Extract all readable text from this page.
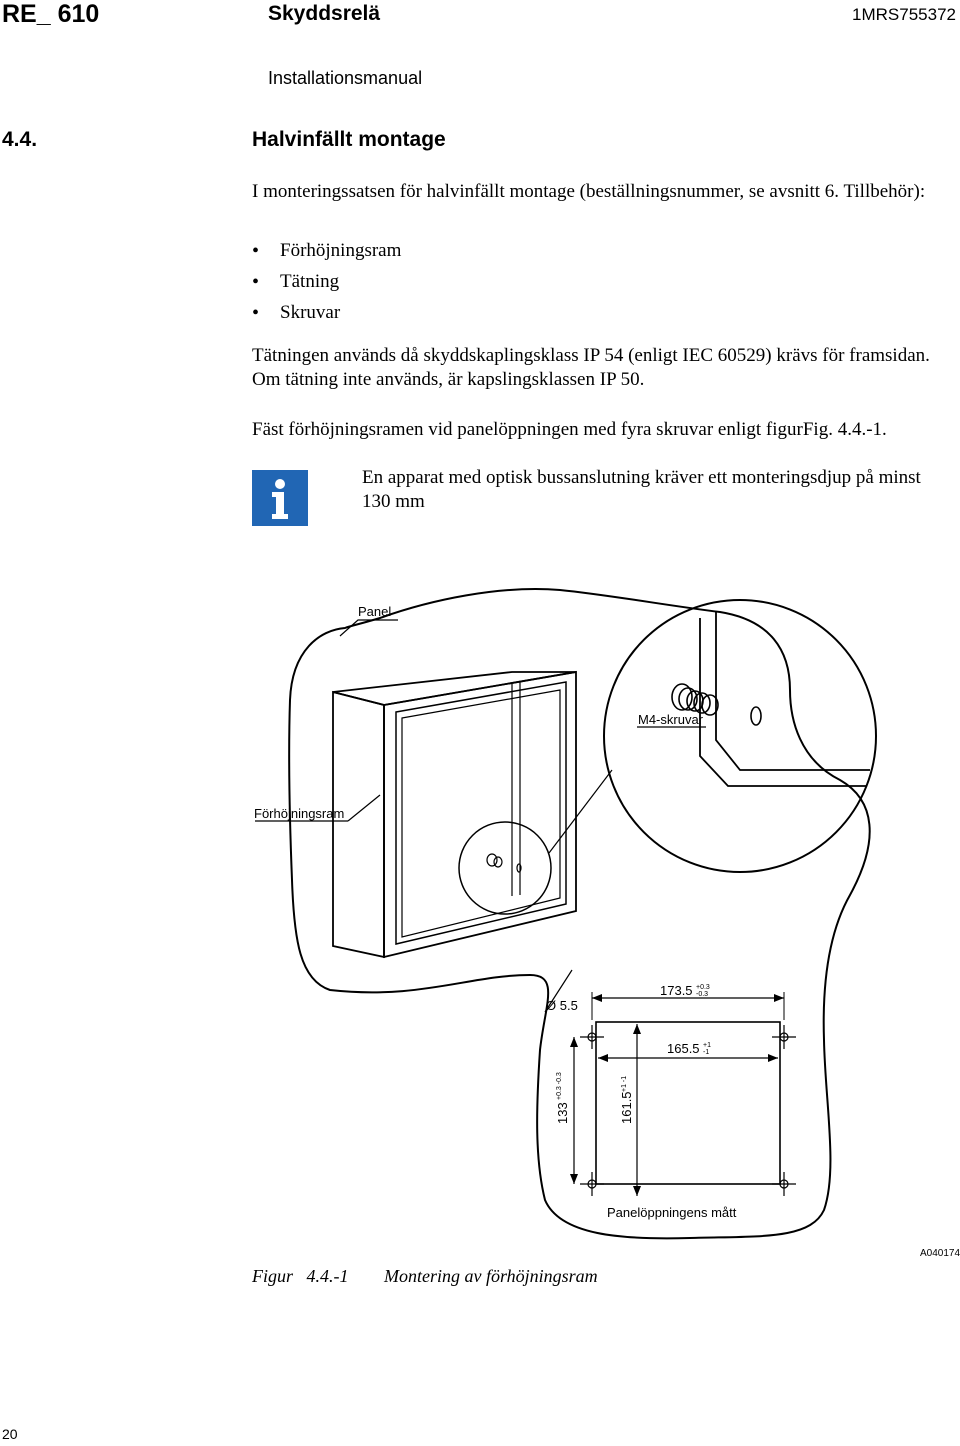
RE_ 610	Skyddsrelä	1MRS755372
Installationsmanual
4.4.	Halvinfällt montage
I monteringssatsen för halvinfällt montage (beställningsnummer, se avsnitt 6. Tillbehör):
• Förhöjningsram
• Tätning
• Skruvar
Tätningen används då skyddskaplingsklass IP 54 (enligt IEC 60529) krävs för framsidan. Om tätning inte används, är kapslingsklassen IP 50.
Fäst förhöjningsramen vid panelöppningen med fyra skruvar enligt figurFig. 4.4.-1.
En apparat med optisk bussanslutning kräver ett monteringsdjup på minst 130 mm
Panel
M4-skruvar
Förhöjningsram
Ø 5.5
173.5 +0.3
-0.3
165.5 +1
-1
133
+0.3 -0.3
161.5
+1 -1
Panelöppningens mått
A040174
Figur   4.4.-1 Montering av förhöjningsram
20
